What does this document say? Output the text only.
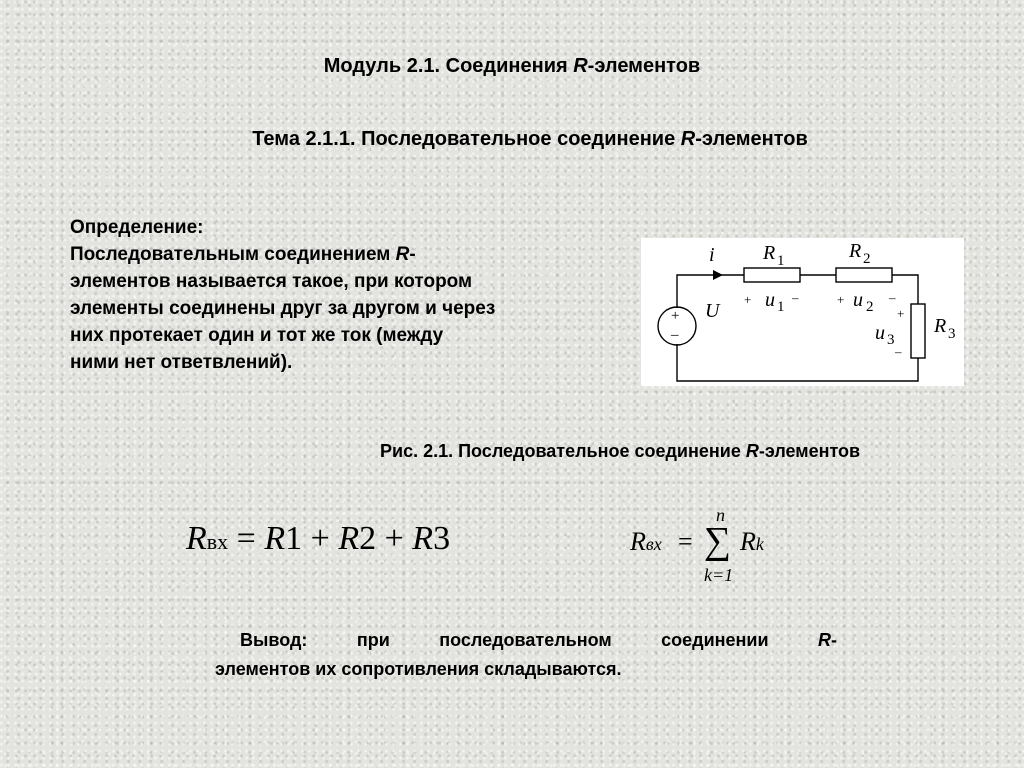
Модуль 2.1. Соединения R-элементов
Тема 2.1.1. Последовательное соединение R-элементов
Определение:
Последовательным соединением R-
элементов называется такое, при котором
элементы соединены друг за другом и через
них протекает один и тот же ток (между
ними нет ответвлений).
i
+
–
U
R 1	R 2
R 3
+ u 1
–	+ u 2
–
+
u 3
–
Рис. 2.1. Последовательное соединение R-элементов
Rвх = R1 + R2 + R3	Rвх =
n
∑
k=1
Rk
Вывод: при последовательном соединении R-
элементов их сопротивления складываются.
